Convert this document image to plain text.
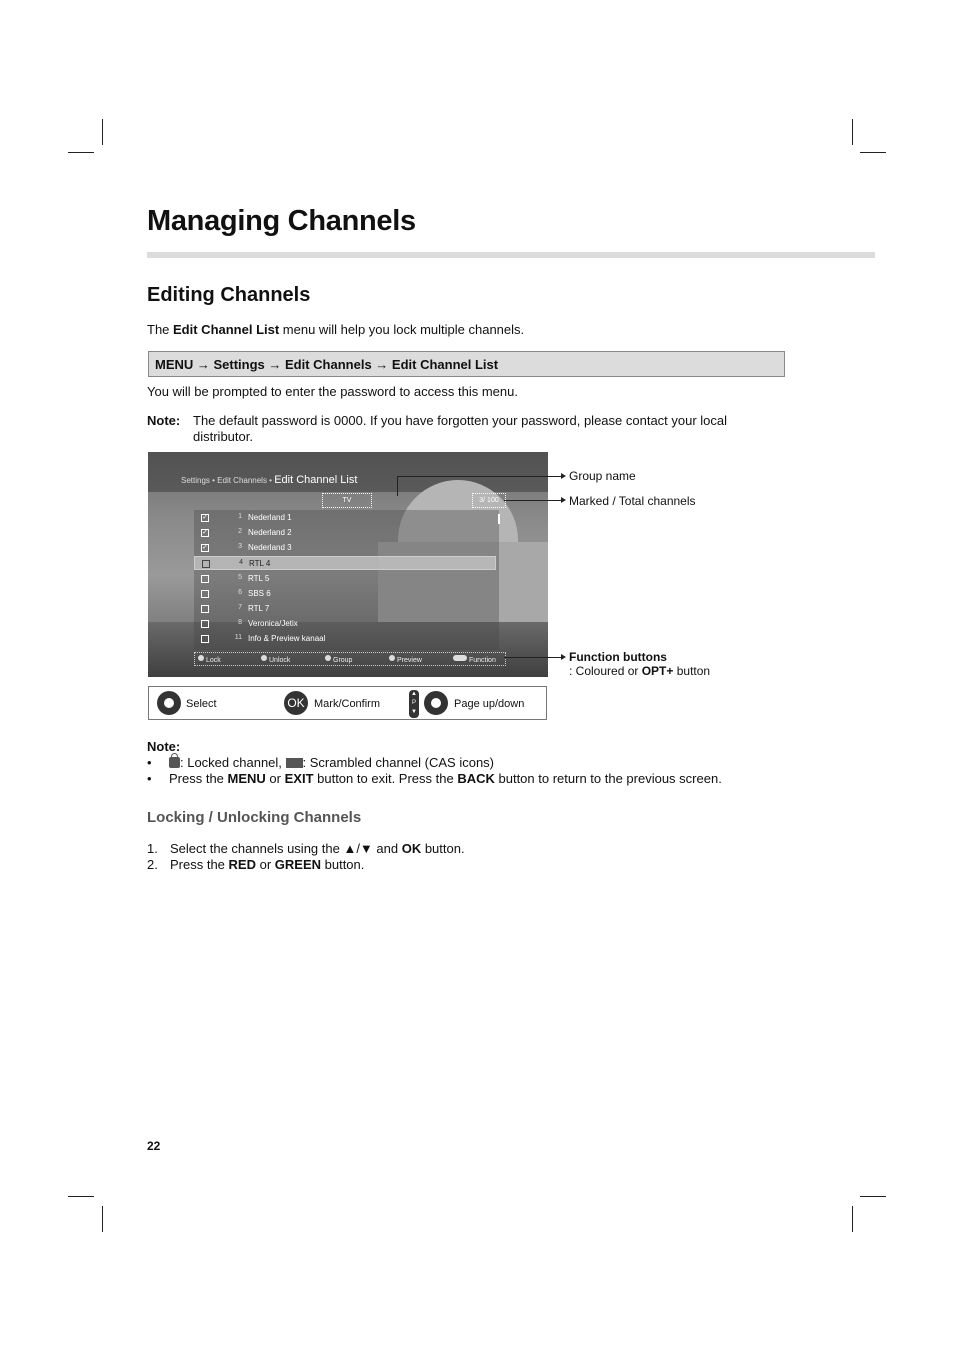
Managing Channels
Editing Channels
The Edit Channel List menu will help you lock multiple channels.
MENU → Settings → Edit Channels → Edit Channel List
You will be prompted to enter the password to access this menu.
Note: The default password is 0000. If you have forgotten your password, please contact your local distributor.
Settings • Edit Channels • Edit Channel List
TV	3/ 100
✓	1 Nederland 1
✓	2 Nederland 2
✓	3 Nederland 3
4 RTL 4
5 RTL 5
6 SBS 6
7 RTL 7
8 Veronica/Jetix
11 Info & Preview kanaal
Lock	Unlock	Group	Preview	Function
Group name
Marked / Total channels
Function buttons
: Coloured or OPT+ button
Select	OK Mark/Confirm
▲
P
▼
Page up/down
Note:
• : Locked channel, : Scrambled channel (CAS icons)
• Press the MENU or EXIT button to exit. Press the BACK button to return to the previous screen.
Locking / Unlocking Channels
1. Select the channels using the ▲/▼ and OK button.
2. Press the RED or GREEN button.
22
